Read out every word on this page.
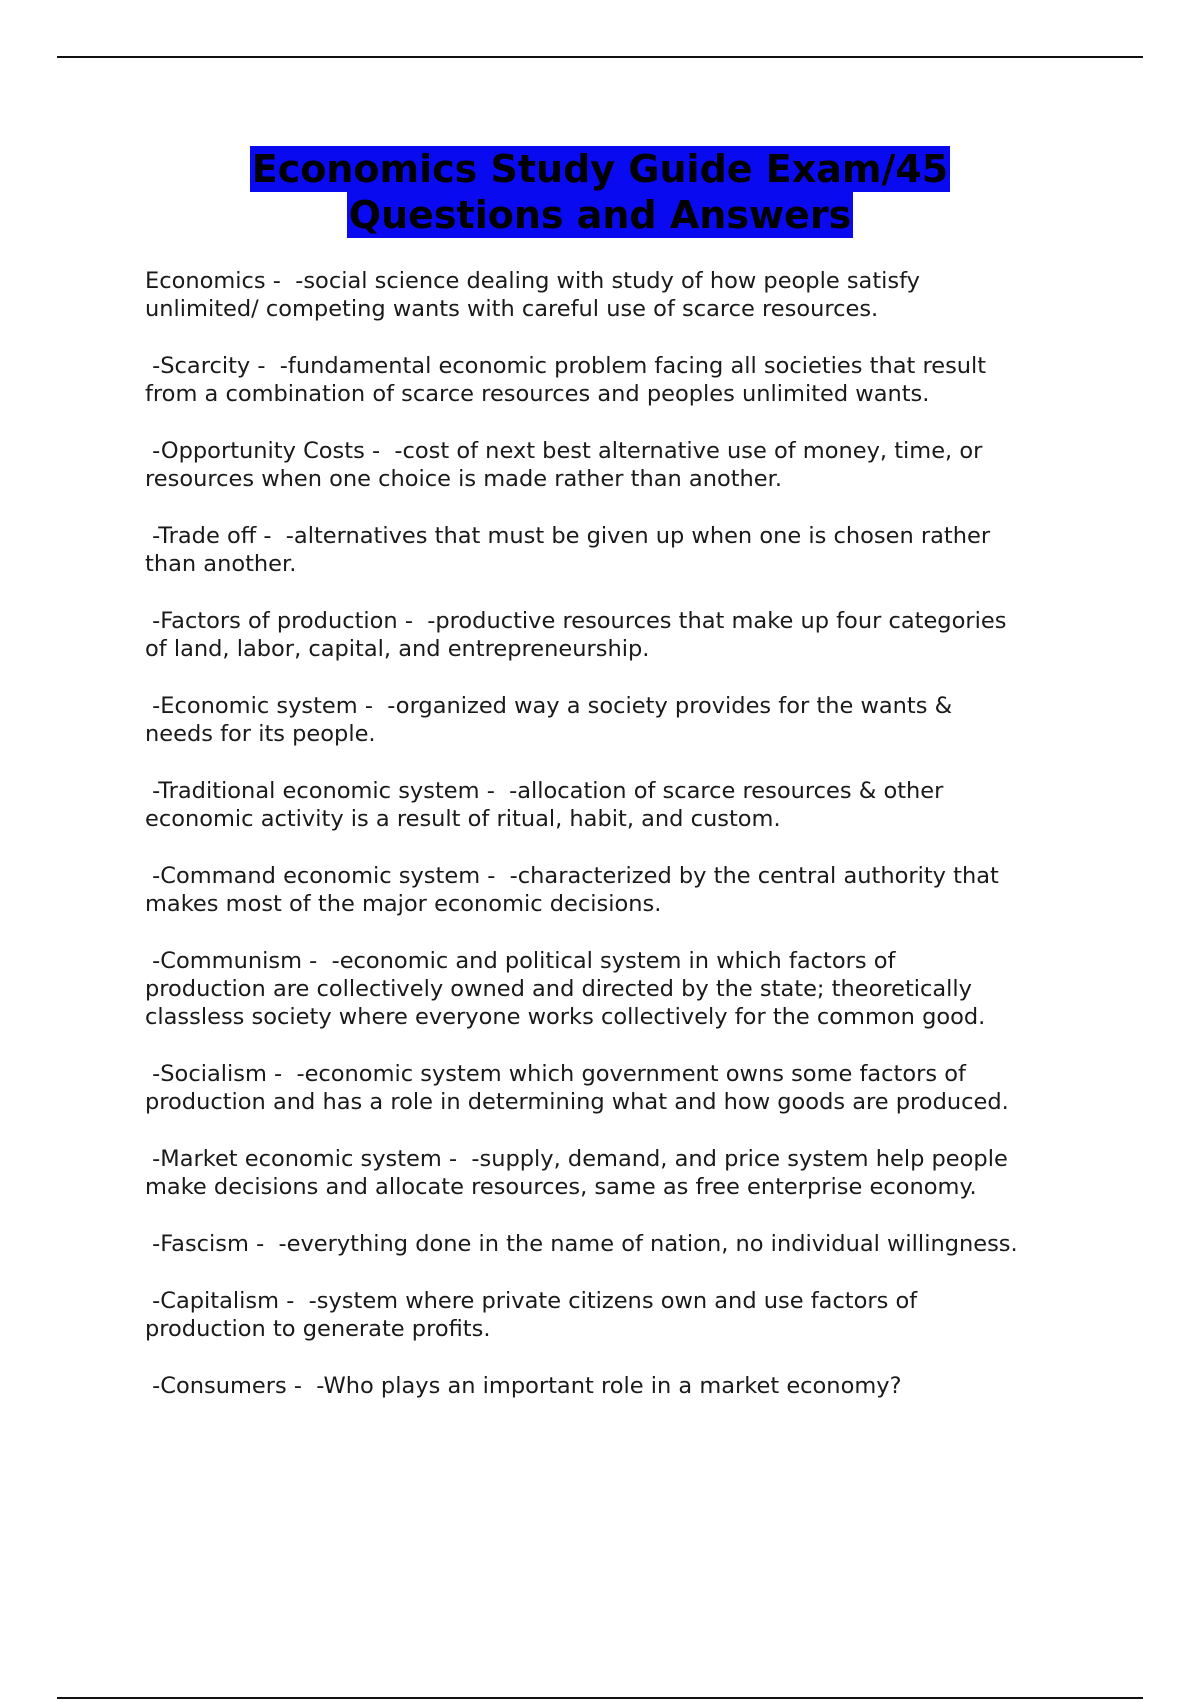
Economics Study Guide Exam/45
Questions and Answers

Economics -  -social science dealing with study of how people satisfy
unlimited/ competing wants with careful use of scarce resources.

-Scarcity -  -fundamental economic problem facing all societies that result
from a combination of scarce resources and peoples unlimited wants.

-Opportunity Costs -  -cost of next best alternative use of money, time, or
resources when one choice is made rather than another.

-Trade off -  -alternatives that must be given up when one is chosen rather
than another.

-Factors of production -  -productive resources that make up four categories
of land, labor, capital, and entrepreneurship.

-Economic system -  -organized way a society provides for the wants &
needs for its people.

-Traditional economic system -  -allocation of scarce resources & other
economic activity is a result of ritual, habit, and custom.

-Command economic system -  -characterized by the central authority that
makes most of the major economic decisions.

-Communism -  -economic and political system in which factors of
production are collectively owned and directed by the state; theoretically
classless society where everyone works collectively for the common good.

-Socialism -  -economic system which government owns some factors of
production and has a role in determining what and how goods are produced.

-Market economic system -  -supply, demand, and price system help people
make decisions and allocate resources, same as free enterprise economy.

-Fascism -  -everything done in the name of nation, no individual willingness.

-Capitalism -  -system where private citizens own and use factors of
production to generate profits.

-Consumers -  -Who plays an important role in a market economy?
